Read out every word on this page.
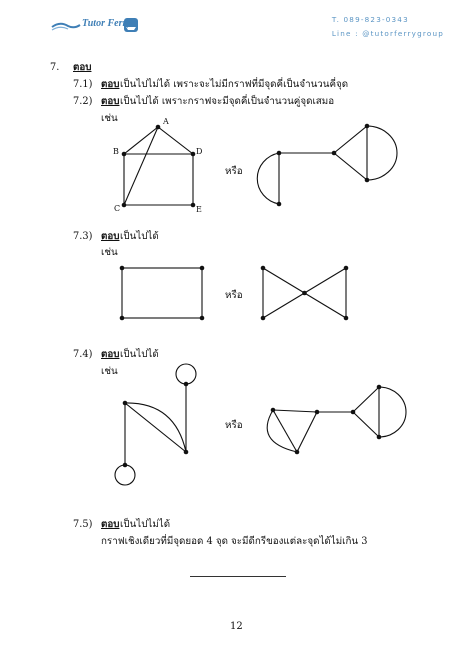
Tutor Ferry	T. 089-823-0343
Line : @tutorferrygroup
7. ตอบ
7.1) ตอบ เป็นไปไม่ได้ เพราะจะไม่มีกราฟที่มีจุดคี่เป็นจำนวนคี่จุด
7.2) ตอบ เป็นไปได้ เพราะกราฟจะมีจุดคี่เป็นจำนวนคู่จุดเสมอ
เช่น
7.3) ตอบ เป็นไปได้
เช่น
7.4) ตอบ เป็นไปได้
เช่น
7.5) ตอบ เป็นไปไม่ได้
กราฟเชิงเดียวที่มีจุดยอด 4 จุด จะมีดีกรีของแต่ละจุดได้ไม่เกิน 3
หรือ
หรือ
หรือ
A
B	D
C	E
12
